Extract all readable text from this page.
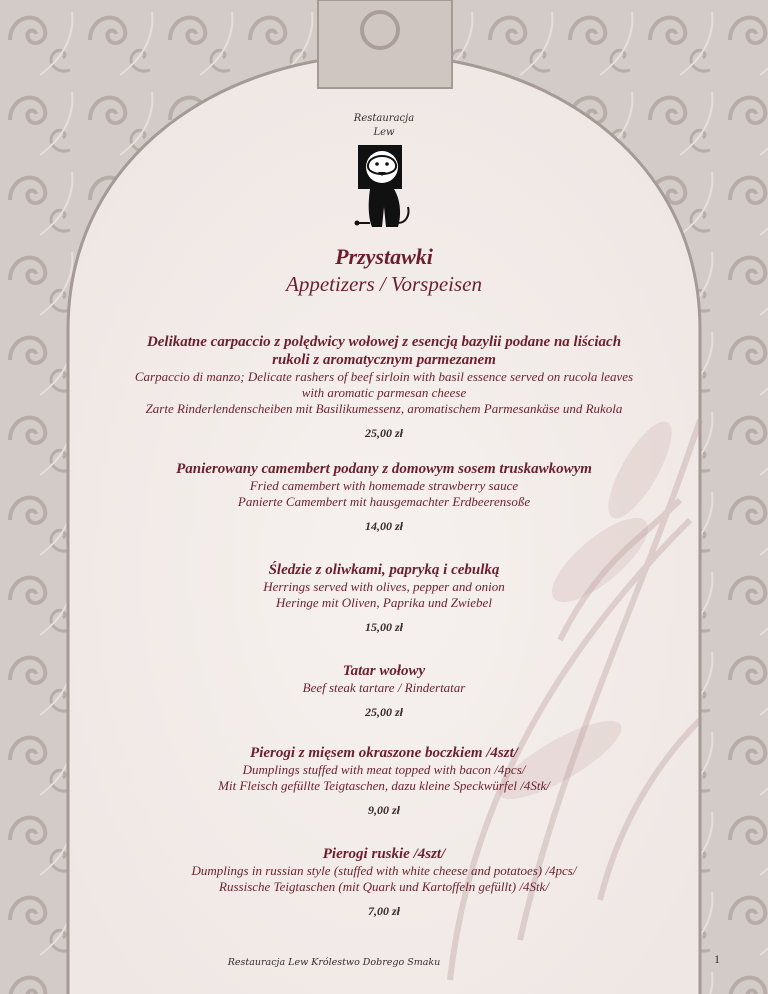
Restauracja
Lew
Przystawki
Appetizers / Vorspeisen
Delikatne carpaccio z polędwicy wołowej z esencją bazylii podane na liściach
rukoli z aromatycznym parmezanem
Carpaccio di manzo; Delicate rashers of beef sirloin with basil essence served on rucola leaves
with aromatic parmesan cheese
Zarte Rinderlendenscheiben mit Basilikumessenz, aromatischem Parmesankäse und Rukola
25,00 zł
Panierowany camembert podany z domowym sosem truskawkowym
Fried camembert with homemade strawberry sauce
Panierte Camembert mit hausgemachter Erdbeerensoße
14,00 zł
Śledzie z oliwkami, papryką i cebulką
Herrings served with olives, pepper and onion
Heringe mit Oliven, Paprika und Zwiebel
15,00 zł
Tatar wołowy
Beef steak tartare / Rindertatar
25,00 zł
Pierogi z mięsem okraszone boczkiem /4szt/
Dumplings stuffed with meat topped with bacon /4pcs/
Mit Fleisch gefüllte Teigtaschen, dazu kleine Speckwürfel /4Stk/
9,00 zł
Pierogi ruskie /4szt/
Dumplings in russian style (stuffed with white cheese and potatoes) /4pcs/
Russische Teigtaschen (mit Quark und Kartoffeln gefüllt) /4Stk/
7,00 zł
Restauracja Lew Królestwo Dobrego Smaku	1
